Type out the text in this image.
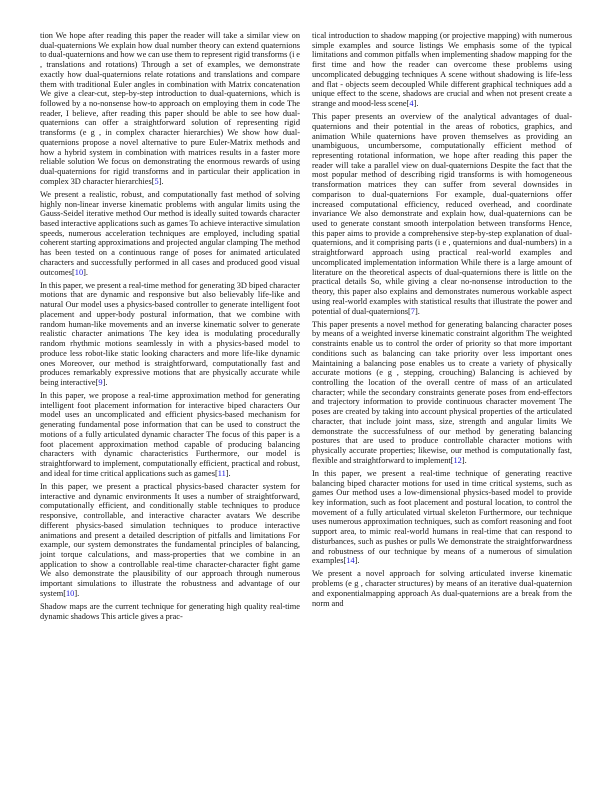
tion We hope after reading this paper the reader will take a similar view on dual-quaternions We explain how dual number theory can extend quaternions to dual-quaternions and how we can use them to represent rigid transforms (i e , translations and rotations) Through a set of examples, we demonstrate exactly how dual-quaternions relate rotations and translations and compare them with traditional Euler angles in combination with Matrix concatenation We give a clear-cut, step-by-step introduction to dual-quaternions, which is followed by a no-nonsense how-to approach on employing them in code The reader, I believe, after reading this paper should be able to see how dual-quaternions can offer a straightforward solution of representing rigid transforms (e g , in complex character hierarchies) We show how dual-quaternions propose a novel alternative to pure Euler-Matrix methods and how a hybrid system in combination with matrices results in a faster more reliable solution We focus on demonstrating the enormous rewards of using dual-quaternions for rigid transforms and in particular their application in complex 3D character hierarchies[5].

We present a realistic, robust, and computationally fast method of solving highly non-linear inverse kinematic problems with angular limits using the Gauss-Seidel iterative method Our method is ideally suited towards character based interactive applications such as games To achieve interactive simulation speeds, numerous acceleration techniques are employed, including spatial coherent starting approximations and projected angular clamping The method has been tested on a continuous range of poses for animated articulated characters and successfully performed in all cases and produced good visual outcomes[10].

In this paper, we present a real-time method for generating 3D biped character motions that are dynamic and responsive but also believably life-like and natural Our model uses a physics-based controller to generate intelligent foot placement and upper-body postural information, that we combine with random human-like movements and an inverse kinematic solver to generate realistic character animations The key idea is modulating procedurally random rhythmic motions seamlessly in with a physics-based model to produce less robot-like static looking characters and more life-like dynamic ones Moreover, our method is straightforward, computationally fast and produces remarkably expressive motions that are physically accurate while being interactive[9].

In this paper, we propose a real-time approximation method for generating intelligent foot placement information for interactive biped characters Our model uses an uncomplicated and efficient physics-based mechanism for generating fundamental pose information that can be used to construct the motions of a fully articulated dynamic character The focus of this paper is a foot placement approximation method capable of producing balancing characters with dynamic characteristics Furthermore, our model is straightforward to implement, computationally efficient, practical and robust, and ideal for time critical applications such as games[11].

In this paper, we present a practical physics-based character system for interactive and dynamic environments It uses a number of straightforward, computationally efficient, and conditionally stable techniques to produce responsive, controllable, and interactive character avatars We describe different physics-based simulation techniques to produce interactive animations and present a detailed description of pitfalls and limitations For example, our system demonstrates the fundamental principles of balancing, joint torque calculations, and mass-properties that we combine in an application to show a controllable real-time character-character fight game We also demonstrate the plausibility of our approach through numerous important simulations to illustrate the robustness and advantage of our system[10].

Shadow maps are the current technique for generating high quality real-time dynamic shadows This article gives a prac-

tical introduction to shadow mapping (or projective mapping) with numerous simple examples and source listings We emphasis some of the typical limitations and common pitfalls when implementing shadow mapping for the first time and how the reader can overcome these problems using uncomplicated debugging techniques A scene without shadowing is life-less and flat - objects seem decoupled While different graphical techniques add a unique effect to the scene, shadows are crucial and when not present create a strange and mood-less scene[4].

This paper presents an overview of the analytical advantages of dual-quaternions and their potential in the areas of robotics, graphics, and animation While quaternions have proven themselves as providing an unambiguous, uncumbersome, computationally efficient method of representing rotational information, we hope after reading this paper the reader will take a parallel view on dual-quaternions Despite the fact that the most popular method of describing rigid transforms is with homogeneous transformation matrices they can suffer from several downsides in comparison to dual-quaternions For example, dual-quaternions offer increased computational efficiency, reduced overhead, and coordinate invariance We also demonstrate and explain how, dual-quaternions can be used to generate constant smooth interpolation between transforms Hence, this paper aims to provide a comprehensive step-by-step explanation of dual-quaternions, and it comprising parts (i e , quaternions and dual-numbers) in a straightforward approach using practical real-world examples and uncomplicated implementation information While there is a large amount of literature on the theoretical aspects of dual-quaternions there is little on the practical details So, while giving a clear no-nonsense introduction to the theory, this paper also explains and demonstrates numerous workable aspect using real-world examples with statistical results that illustrate the power and potential of dual-quaternions[7].

This paper presents a novel method for generating balancing character poses by means of a weighted inverse kinematic constraint algorithm The weighted constraints enable us to control the order of priority so that more important conditions such as balancing can take priority over less important ones Maintaining a balancing pose enables us to create a variety of physically accurate motions (e g , stepping, crouching) Balancing is achieved by controlling the location of the overall centre of mass of an articulated character; while the secondary constraints generate poses from end-effectors and trajectory information to provide continuous character movement The poses are created by taking into account physical properties of the articulated character, that include joint mass, size, strength and angular limits We demonstrate the successfulness of our method by generating balancing postures that are used to produce controllable character motions with physically accurate properties; likewise, our method is computationally fast, flexible and straightforward to implement[12].

In this paper, we present a real-time technique of generating reactive balancing biped character motions for used in time critical systems, such as games Our method uses a low-dimensional physics-based model to provide key information, such as foot placement and postural location, to control the movement of a fully articulated virtual skeleton Furthermore, our technique uses numerous approximation techniques, such as comfort reasoning and foot support area, to mimic real-world humans in real-time that can respond to disturbances, such as pushes or pulls We demonstrate the straightforwardness and robustness of our technique by means of a numerous of simulation examples[14].

We present a novel approach for solving articulated inverse kinematic problems (e g , character structures) by means of an iterative dual-quaternion and exponentialmapping approach As dual-quaternions are a break from the norm and
